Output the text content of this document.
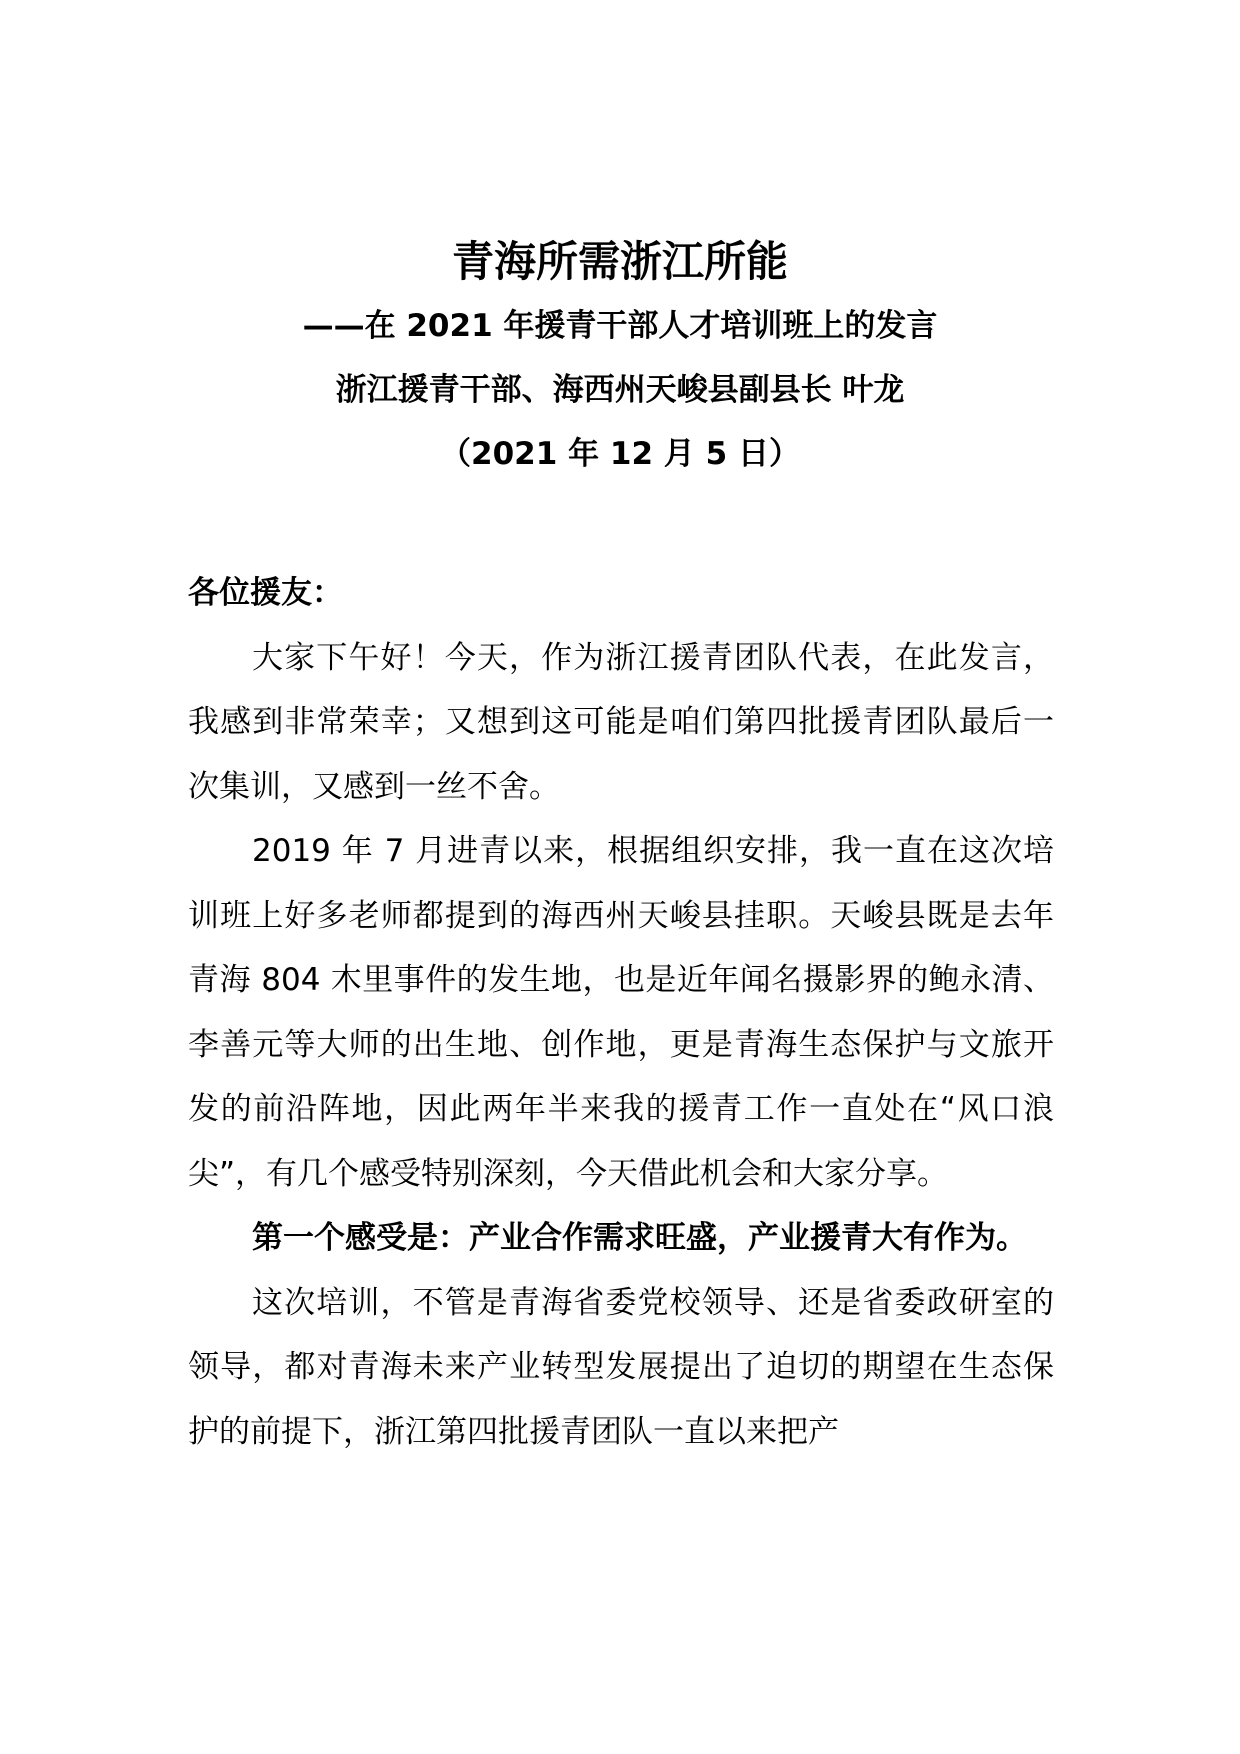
青海所需浙江所能

——在 2021 年援青干部人才培训班上的发言

浙江援青干部、海西州天峻县副县长 叶龙

（2021 年 12 月 5 日）

各位援友：

大家下午好！今天，作为浙江援青团队代表，在此发言，我感到非常荣幸；又想到这可能是咱们第四批援青团队最后一次集训，又感到一丝不舍。

2019 年 7 月进青以来，根据组织安排，我一直在这次培训班上好多老师都提到的海西州天峻县挂职。天峻县既是去年青海 804 木里事件的发生地，也是近年闻名摄影界的鲍永清、李善元等大师的出生地、创作地，更是青海生态保护与文旅开发的前沿阵地，因此两年半来我的援青工作一直处在“风口浪尖”，有几个感受特别深刻，今天借此机会和大家分享。

第一个感受是：产业合作需求旺盛，产业援青大有作为。

这次培训，不管是青海省委党校领导、还是省委政研室的领导，都对青海未来产业转型发展提出了迫切的期望在生态保护的前提下，浙江第四批援青团队一直以来把产
